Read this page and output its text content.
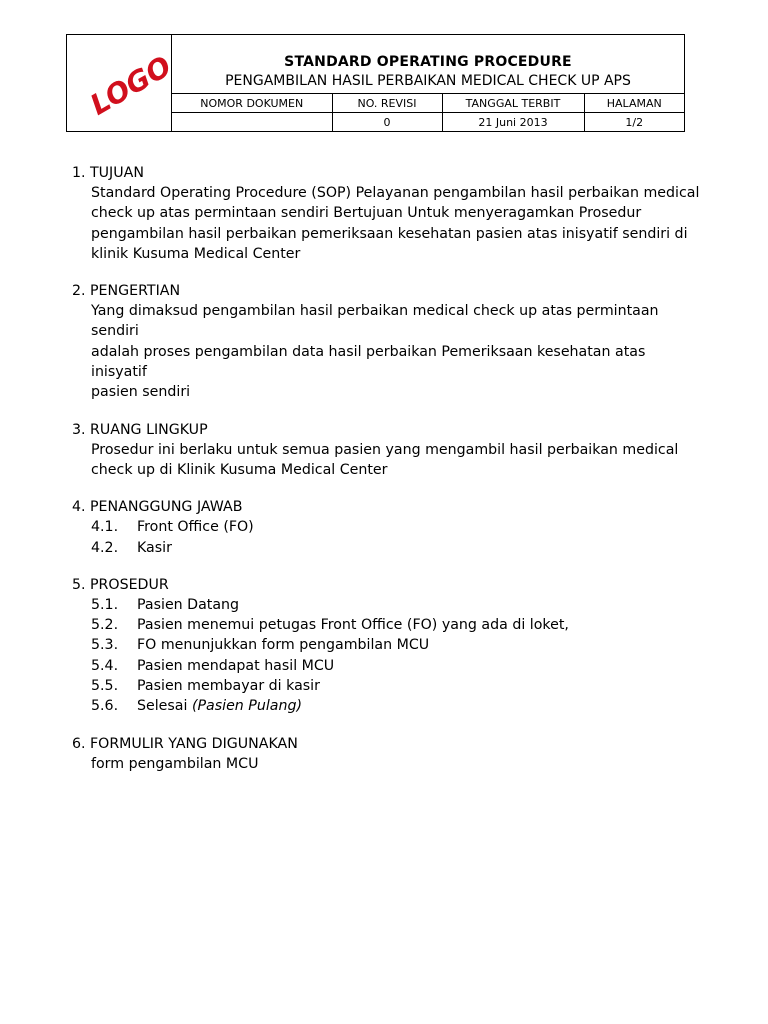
LOGO	STANDARD OPERATING PROCEDURE
PENGAMBILAN HASIL PERBAIKAN MEDICAL CHECK UP APS
NOMOR DOKUMEN	NO. REVISI	TANGGAL TERBIT	HALAMAN
	0	21 Juni 2013	1/2
1. TUJUAN
Standard Operating Procedure (SOP) Pelayanan pengambilan hasil perbaikan medical
check up atas permintaan sendiri Bertujuan Untuk menyeragamkan Prosedur
pengambilan hasil perbaikan pemeriksaan kesehatan pasien atas inisyatif sendiri di
klinik Kusuma Medical Center
2. PENGERTIAN
Yang dimaksud pengambilan hasil perbaikan medical check up atas permintaan sendiri
adalah proses pengambilan data hasil perbaikan Pemeriksaan kesehatan atas inisyatif
pasien sendiri
3. RUANG LINGKUP
Prosedur ini berlaku untuk semua pasien yang mengambil hasil perbaikan medical
check up di Klinik Kusuma Medical Center
4. PENANGGUNG JAWAB
4.1.	Front Office (FO)
4.2.	Kasir
5. PROSEDUR
5.1.	Pasien Datang
5.2.	Pasien menemui petugas Front Office (FO) yang ada di loket,
5.3.	FO menunjukkan form pengambilan MCU
5.4.	Pasien mendapat hasil MCU
5.5.	Pasien membayar di kasir
5.6.	Selesai (Pasien Pulang)
6. FORMULIR YANG DIGUNAKAN
form pengambilan MCU
